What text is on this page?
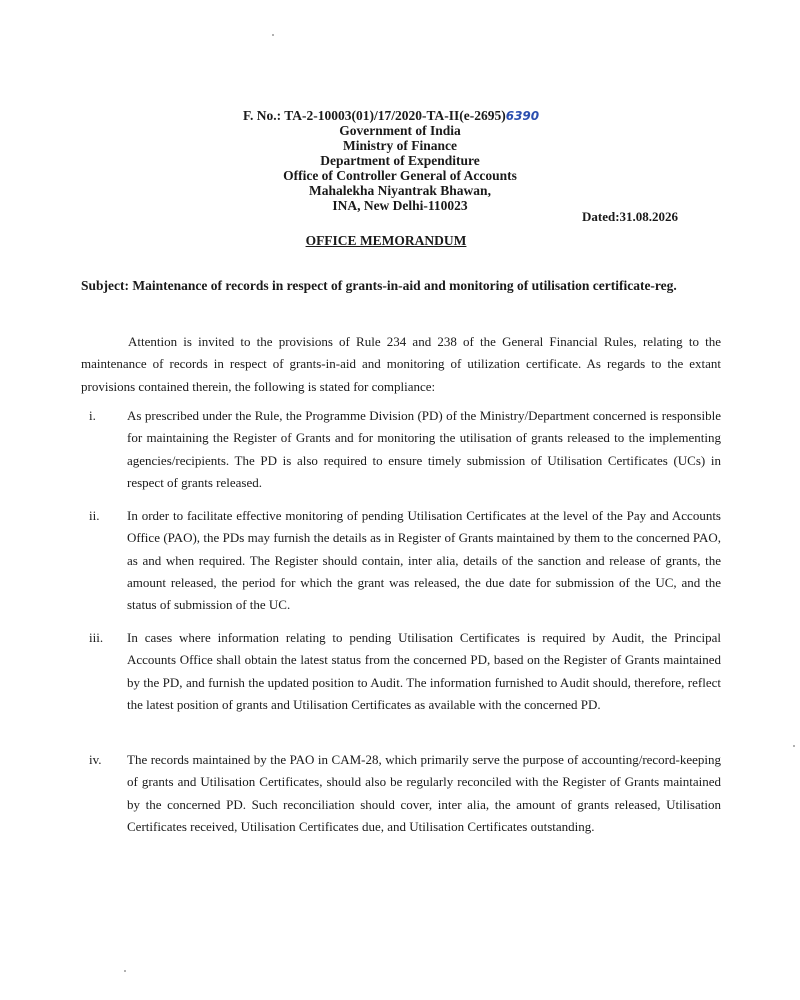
F. No.: TA-2-10003(01)/17/2020-TA-II(e-2695)6390
Government of India
Ministry of Finance
Department of Expenditure
Office of Controller General of Accounts
Mahalekha Niyantrak Bhawan,
INA, New Delhi-110023
Dated:31.08.2026
OFFICE MEMORANDUM
Subject: Maintenance of records in respect of grants-in-aid and monitoring of utilisation certificate-reg.
Attention is invited to the provisions of Rule 234 and 238 of the General Financial Rules, relating to the maintenance of records in respect of grants-in-aid and monitoring of utilization certificate. As regards to the extant provisions contained therein, the following is stated for compliance:
i.	As prescribed under the Rule, the Programme Division (PD) of the Ministry/Department concerned is responsible for maintaining the Register of Grants and for monitoring the utilisation of grants released to the implementing agencies/recipients. The PD is also required to ensure timely submission of Utilisation Certificates (UCs) in respect of grants released.
ii.	In order to facilitate effective monitoring of pending Utilisation Certificates at the level of the Pay and Accounts Office (PAO), the PDs may furnish the details as in Register of Grants maintained by them to the concerned PAO, as and when required. The Register should contain, inter alia, details of the sanction and release of grants, the amount released, the period for which the grant was released, the due date for submission of the UC, and the status of submission of the UC.
iii.	In cases where information relating to pending Utilisation Certificates is required by Audit, the Principal Accounts Office shall obtain the latest status from the concerned PD, based on the Register of Grants maintained by the PD, and furnish the updated position to Audit. The information furnished to Audit should, therefore, reflect the latest position of grants and Utilisation Certificates as available with the concerned PD.
iv.	The records maintained by the PAO in CAM-28, which primarily serve the purpose of accounting/record-keeping of grants and Utilisation Certificates, should also be regularly reconciled with the Register of Grants maintained by the concerned PD. Such reconciliation should cover, inter alia, the amount of grants released, Utilisation Certificates received, Utilisation Certificates due, and Utilisation Certificates outstanding.
